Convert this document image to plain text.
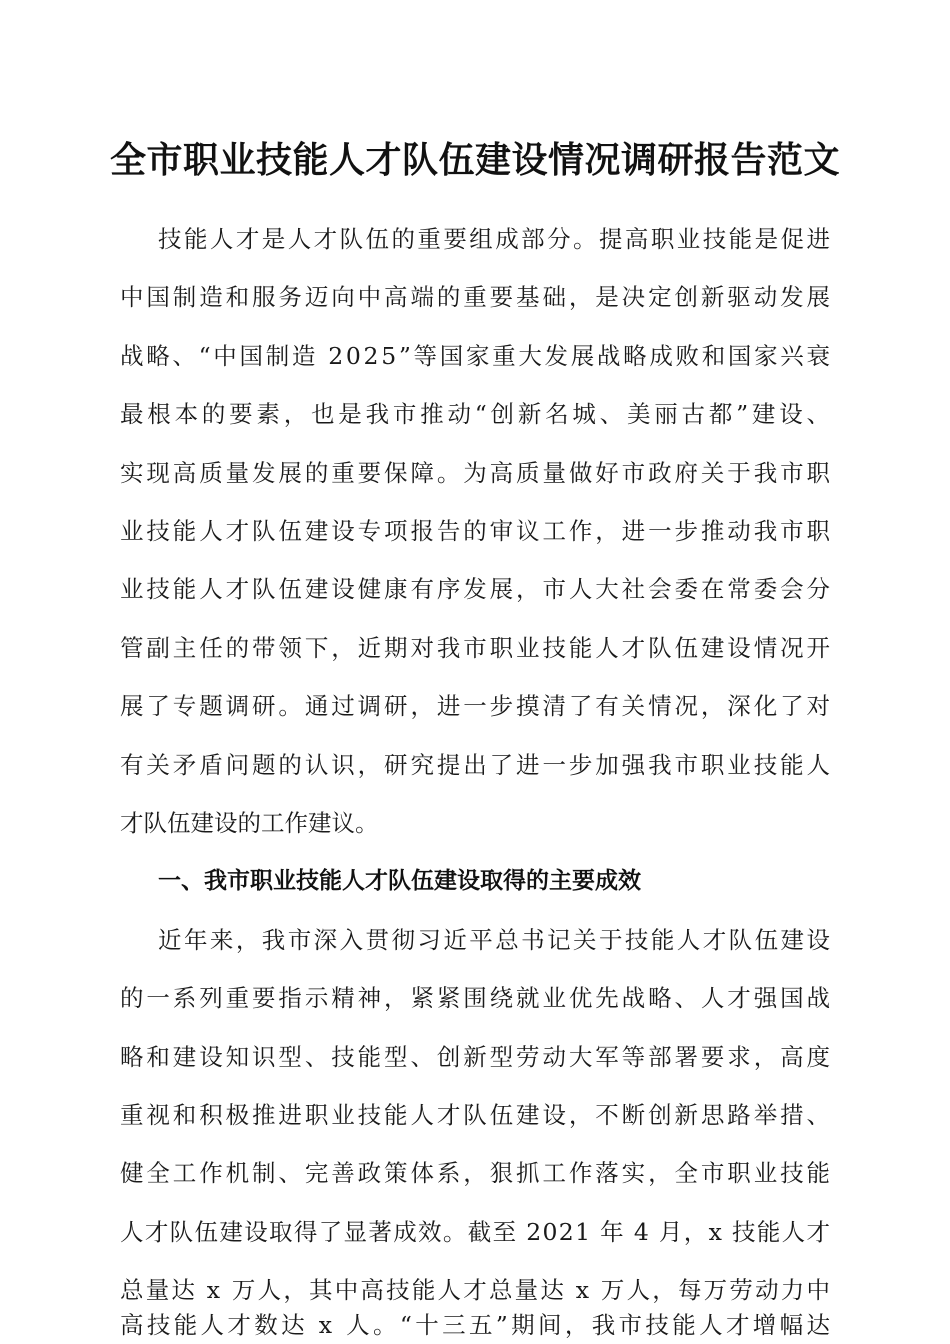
全市职业技能人才队伍建设情况调研报告范文
技能人才是人才队伍的重要组成部分。提高职业技能是促进
中国制造和服务迈向中高端的重要基础，是决定创新驱动发展
战略、“中国制造 2025”等国家重大发展战略成败和国家兴衰
最根本的要素，也是我市推动“创新名城、美丽古都”建设、
实现高质量发展的重要保障。为高质量做好市政府关于我市职
业技能人才队伍建设专项报告的审议工作，进一步推动我市职
业技能人才队伍建设健康有序发展，市人大社会委在常委会分
管副主任的带领下，近期对我市职业技能人才队伍建设情况开
展了专题调研。通过调研，进一步摸清了有关情况，深化了对
有关矛盾问题的认识，研究提出了进一步加强我市职业技能人
才队伍建设的工作建议。
一、我市职业技能人才队伍建设取得的主要成效
近年来，我市深入贯彻习近平总书记关于技能人才队伍建设
的一系列重要指示精神，紧紧围绕就业优先战略、人才强国战
略和建设知识型、技能型、创新型劳动大军等部署要求，高度
重视和积极推进职业技能人才队伍建设，不断创新思路举措、
健全工作机制、完善政策体系，狠抓工作落实，全市职业技能
人才队伍建设取得了显著成效。截至 2021 年 4 月，x 技能人才
总量达 x 万人，其中高技能人才总量达 x 万人，每万劳动力中
高技能人才数达 x 人。“十三五”期间，我市技能人才增幅达
